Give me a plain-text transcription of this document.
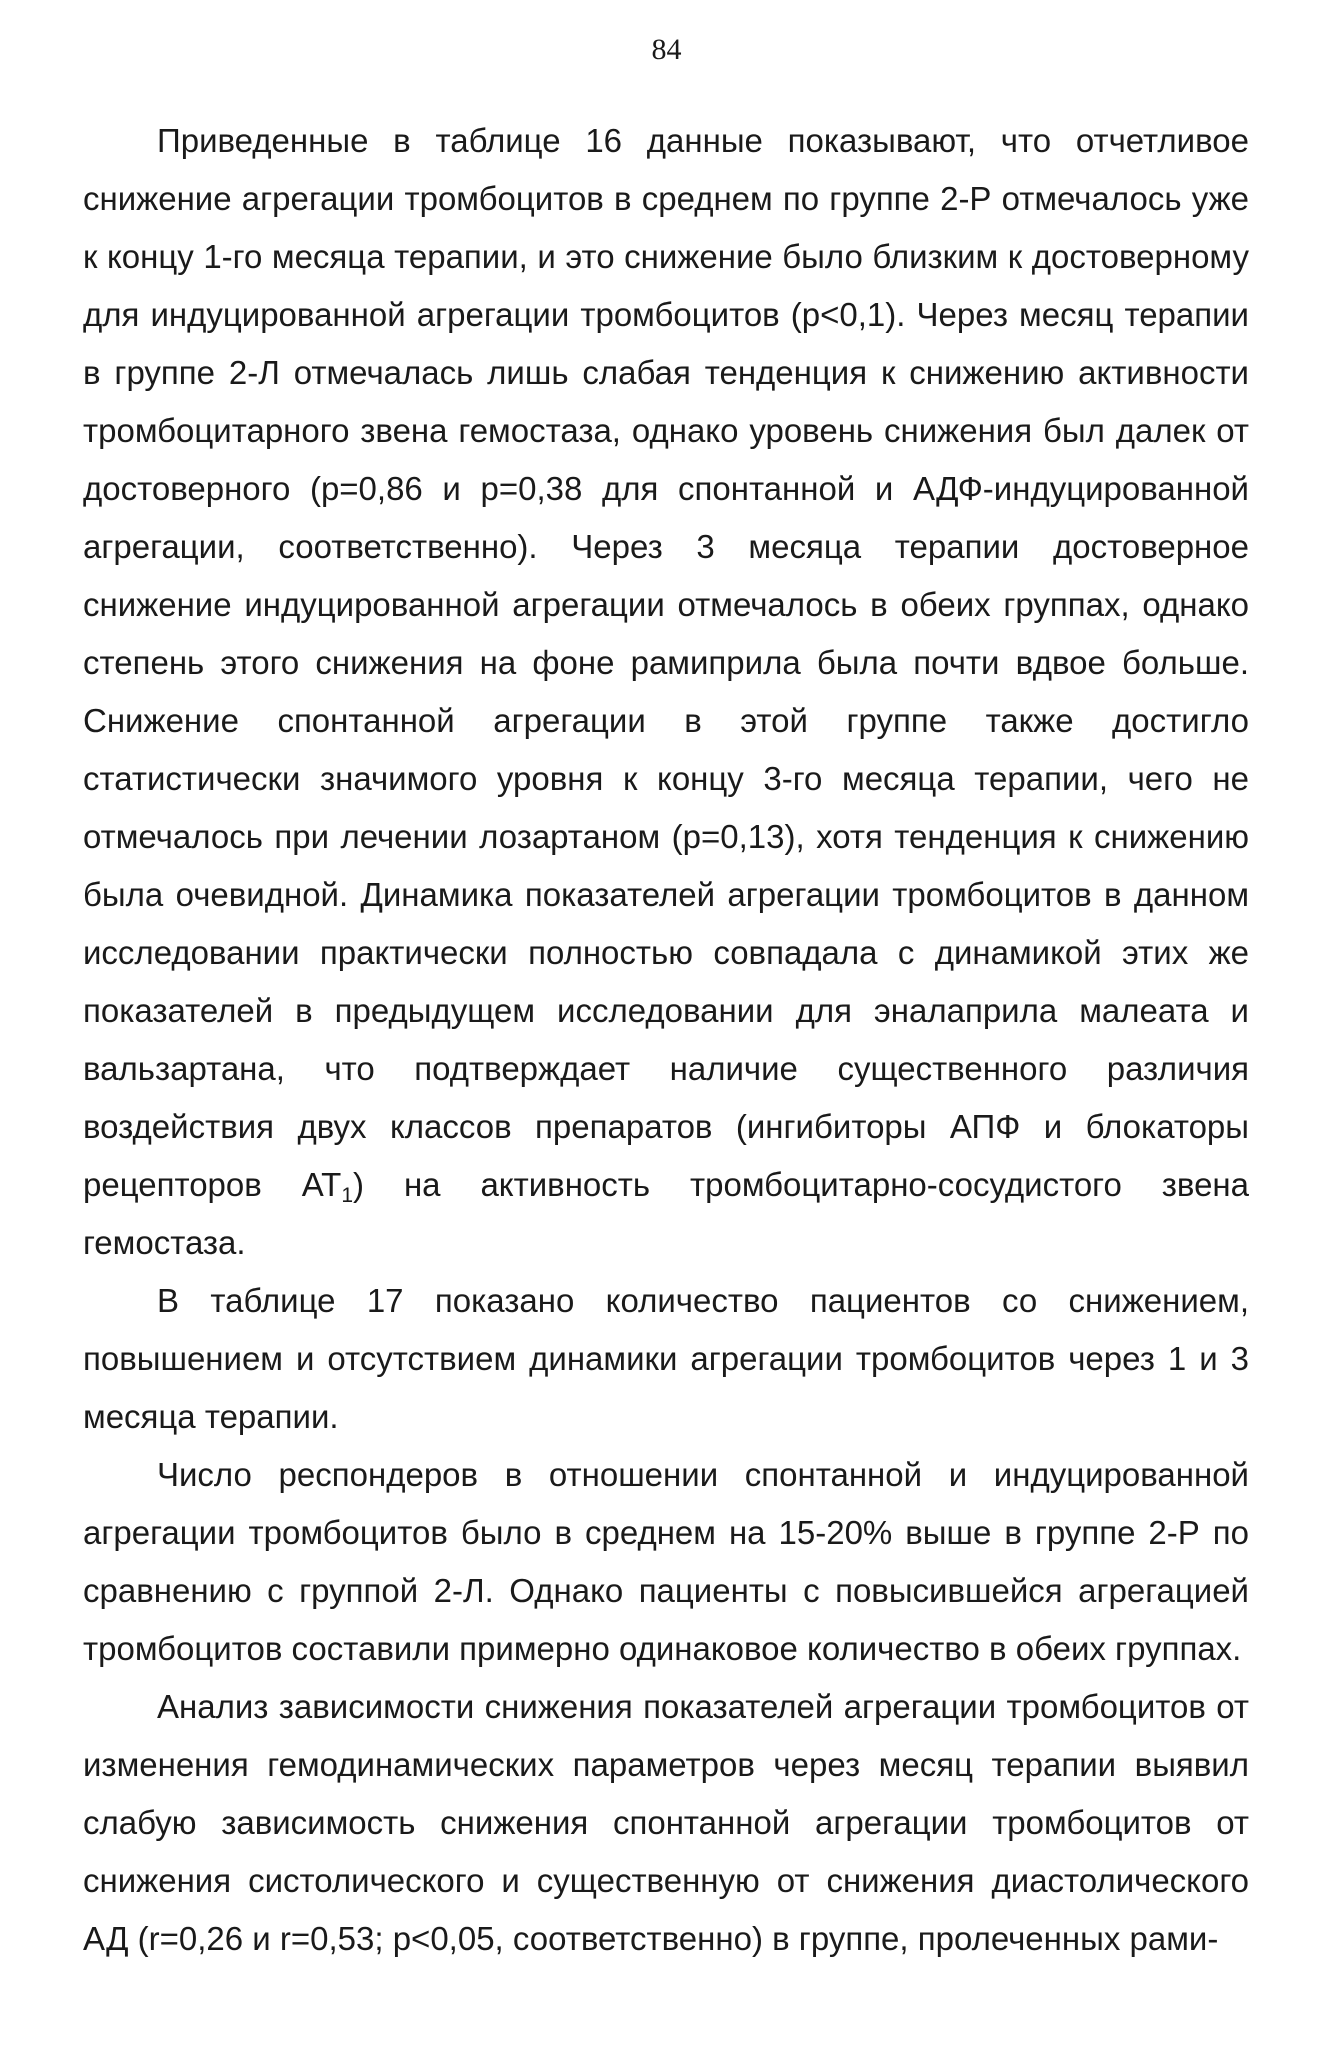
84

Приведенные в таблице 16 данные показывают, что отчетливое снижение агрегации тромбоцитов в среднем по группе 2-Р отмечалось уже к концу 1-го месяца терапии, и это снижение было близким к достоверному для индуцированной агрегации тромбоцитов (p<0,1). Через месяц терапии в группе 2-Л отмечалась лишь слабая тенденция к снижению активности тромбоцитарного звена гемостаза, однако уровень снижения был далек от достоверного (p=0,86 и p=0,38 для спонтанной и АДФ-индуцированной агрегации, соответственно). Через 3 месяца терапии достоверное снижение индуцированной агрегации отмечалось в обеих группах, однако степень этого снижения на фоне рамиприла была почти вдвое больше. Снижение спонтанной агрегации в этой группе также достигло статистически значимого уровня к концу 3-го месяца терапии, чего не отмечалось при лечении лозартаном (p=0,13), хотя тенденция к снижению была очевидной. Динамика показателей агрегации тромбоцитов в данном исследовании практически полностью совпадала с динамикой этих же показателей в предыдущем исследовании для эналаприла малеата и вальзартана, что подтверждает наличие существенного различия воздействия двух классов препаратов (ингибиторы АПФ и блокаторы рецепторов $АТ_1$) на активность тромбоцитарно-сосудистого звена гемостаза.

В таблице 17 показано количество пациентов со снижением, повышением и отсутствием динамики агрегации тромбоцитов через 1 и 3 месяца терапии.

Число респондеров в отношении спонтанной и индуцированной агрегации тромбоцитов было в среднем на 15-20% выше в группе 2-Р по сравнению с группой 2-Л. Однако пациенты с повысившейся агрегацией тромбоцитов составили примерно одинаковое количество в обеих группах.

Анализ зависимости снижения показателей агрегации тромбоцитов от изменения гемодинамических параметров через месяц терапии выявил слабую зависимость снижения спонтанной агрегации тромбоцитов от снижения систолического и существенную от снижения диастолического АД (r=0,26 и r=0,53; p<0,05, соответственно) в группе, пролеченных рами-
